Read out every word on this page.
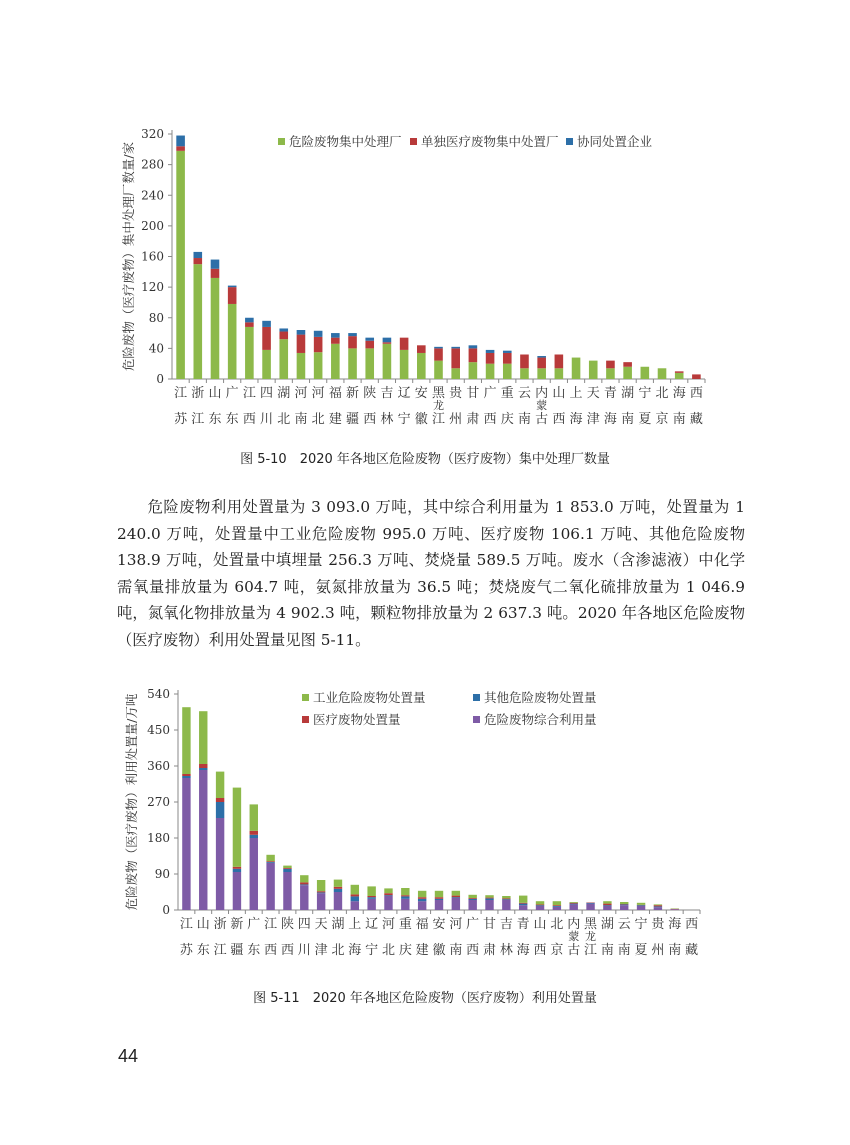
0
40
80
120
160
200
240
280
320
危险废物（医疗废物）集中处理厂数量/家
江
苏
浙
江
山
东
广
东
江
西
四
川
湖
北
河
南
河
北
福
建
新
疆
陕
西
吉
林
辽
宁
安
徽
黑
龙
江
贵
州
甘
肃
广
西
重
庆
云
南
内
蒙
古
山
西
上
海
天
津
青
海
湖
南
宁
夏
北
京
海
南
西
藏
危险废物集中处理厂 单独医疗废物集中处置厂 协同处置企业
图 5-10　2020 年各地区危险废物（医疗废物）集中处理厂数量

危险废物利用处置量为 3 093.0 万吨，其中综合利用量为 1 853.0 万吨，处置量为 1 240.0 万吨，处置量中工业危险废物 995.0 万吨、医疗废物 106.1 万吨、其他危险废物 138.9 万吨，处置量中填埋量 256.3 万吨、焚烧量 589.5 万吨。废水（含渗滤液）中化学需氧量排放量为 604.7 吨，氨氮排放量为 36.5 吨；焚烧废气二氧化硫排放量为 1 046.9 吨，氮氧化物排放量为 4 902.3 吨，颗粒物排放量为 2 637.3 吨。2020 年各地区危险废物（医疗废物）利用处置量见图 5-11。

0
90
180
270
360
450
540
危险废物（医疗废物）利用处置量/万吨
江
苏
山
东
浙
江
新
疆
广
东
江
西
陕
西
四
川
天
津
湖
北
上
海
辽
宁
河
北
重
庆
福
建
安
徽
河
南
广
西
甘
肃
吉
林
青
海
山
西
北
京
内
蒙
古
黑
龙
江
湖
南
云
南
宁
夏
贵
州
海
南
西
藏
工业危险废物处置量
医疗废物处置量
其他危险废物处置量
危险废物综合利用量
图 5-11　2020 年各地区危险废物（医疗废物）利用处置量
44
